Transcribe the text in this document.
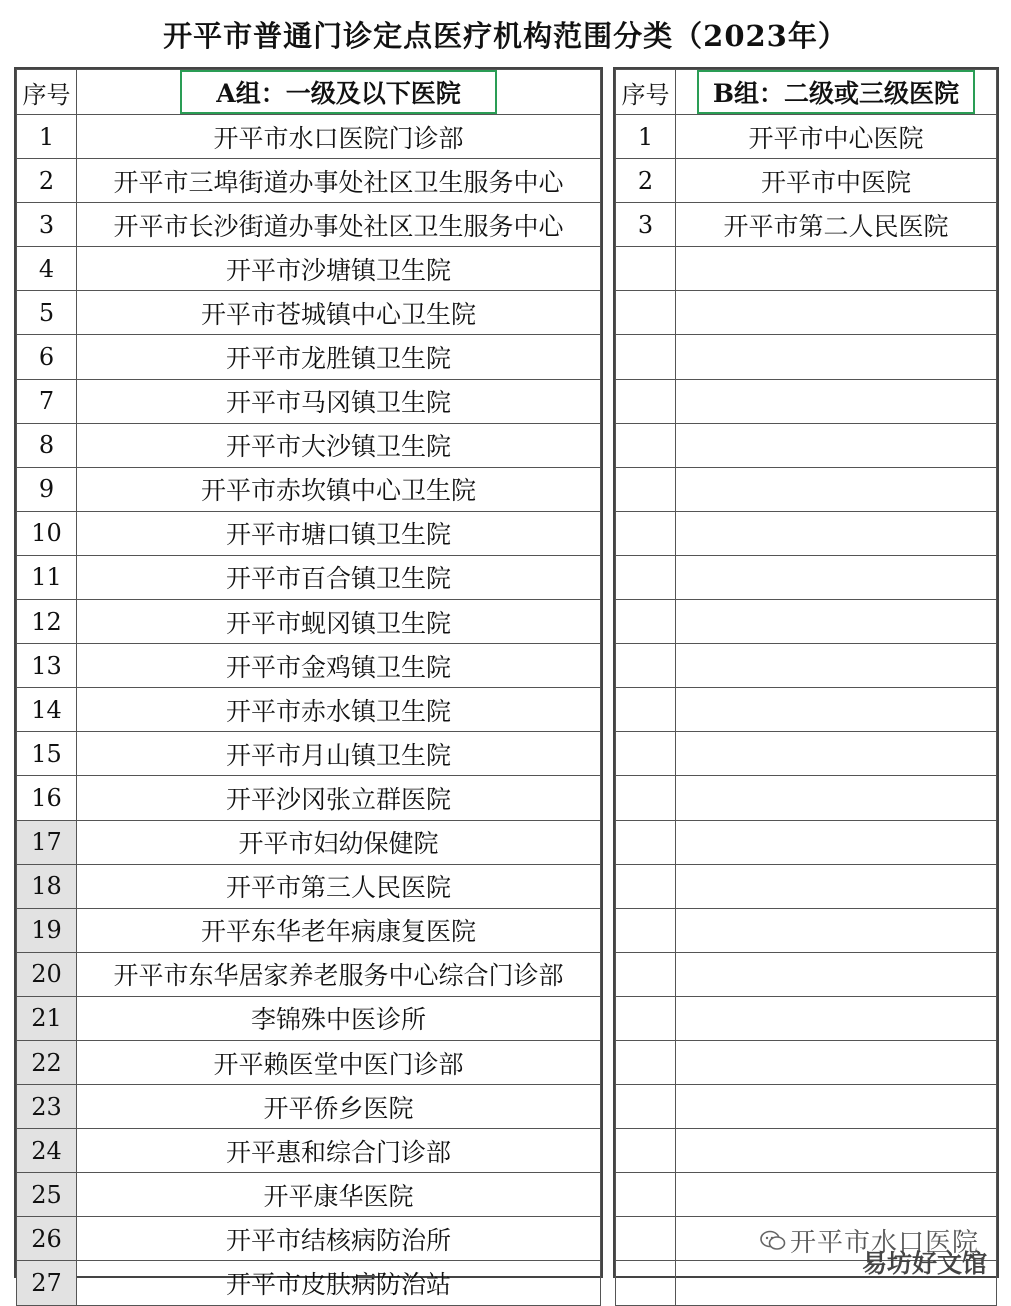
开平市普通门诊定点医疗机构范围分类（2023年）
序号	A组：一级及以下医院
1	开平市水口医院门诊部
2	开平市三埠街道办事处社区卫生服务中心
3	开平市长沙街道办事处社区卫生服务中心
4	开平市沙塘镇卫生院
5	开平市苍城镇中心卫生院
6	开平市龙胜镇卫生院
7	开平市马冈镇卫生院
8	开平市大沙镇卫生院
9	开平市赤坎镇中心卫生院
10	开平市塘口镇卫生院
11	开平市百合镇卫生院
12	开平市蚬冈镇卫生院
13	开平市金鸡镇卫生院
14	开平市赤水镇卫生院
15	开平市月山镇卫生院
16	开平沙冈张立群医院
17	开平市妇幼保健院
18	开平市第三人民医院
19	开平东华老年病康复医院
20	开平市东华居家养老服务中心综合门诊部
21	李锦殊中医诊所
22	开平赖医堂中医门诊部
23	开平侨乡医院
24	开平惠和综合门诊部
25	开平康华医院
26	开平市结核病防治所
27	开平市皮肤病防治站
序号	B组：二级或三级医院
1	开平市中心医院
2	开平市中医院
3	开平市第二人民医院

开平市水口医院
易坊好文馆
